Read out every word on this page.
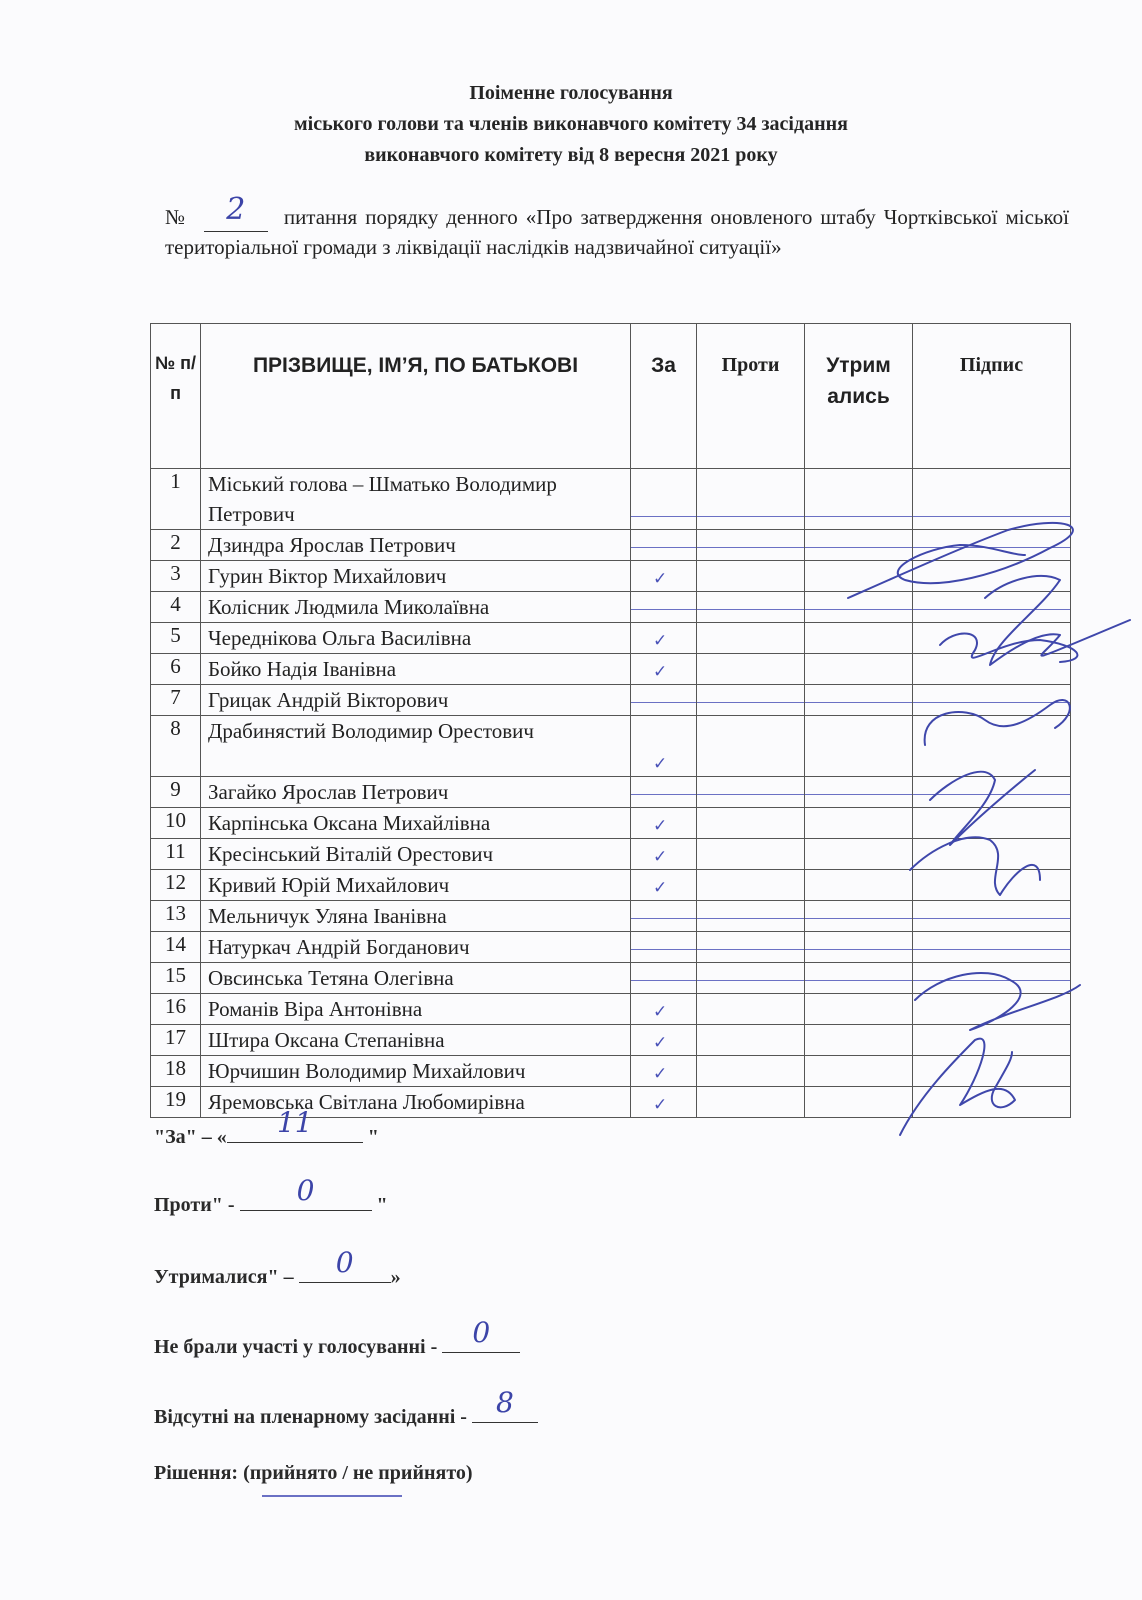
Поіменне голосування
міського голови та членів виконавчого комітету 34 засідання
виконавчого комітету від 8 вересня 2021 року
№ 2 питання порядку денного «Про затвердження оновленого штабу Чортківської міської територіальної громади з ліквідації наслідків надзвичайної ситуації»
№ п/п	ПРІЗВИЩЕ, ІМ’Я, ПО БАТЬКОВІ	За	Проти	Утрим ались	Підпис
1	Міський голова – Шматько Володимир Петрович	

2	Дзиндра Ярослав Петрович	

3	Гурин Віктор Михайлович	✓			

4	Колісник Людмила Миколаївна	

5	Череднікова Ольга Василівна	✓			

6	Бойко Надія Іванівна	✓			

7	Грицак Андрій Вікторович	

8	Драбинястий Володимир Орестович	✓			

9	Загайко Ярослав Петрович	

10	Карпінська Оксана Михайлівна	✓			

11	Кресінський Віталій Орестович	✓			

12	Кривий Юрій Михайлович	✓			

13	Мельничук Уляна Іванівна	

14	Натуркач Андрій Богданович	

15	Овсинська Тетяна Олегівна	

16	Романів Віра Антонівна	✓			

17	Штира Оксана Степанівна	✓			

18	Юрчишин Володимир Михайлович	✓			

19	Яремовська Світлана Любомирівна	✓			

"За" – «	11	"
Проти" -	0	"
Утрималися" –	0	»
Не брали участі у голосуванні -	0
Відсутні на пленарному засіданні - 8
Рішення: (прийнято / не прийнято)
